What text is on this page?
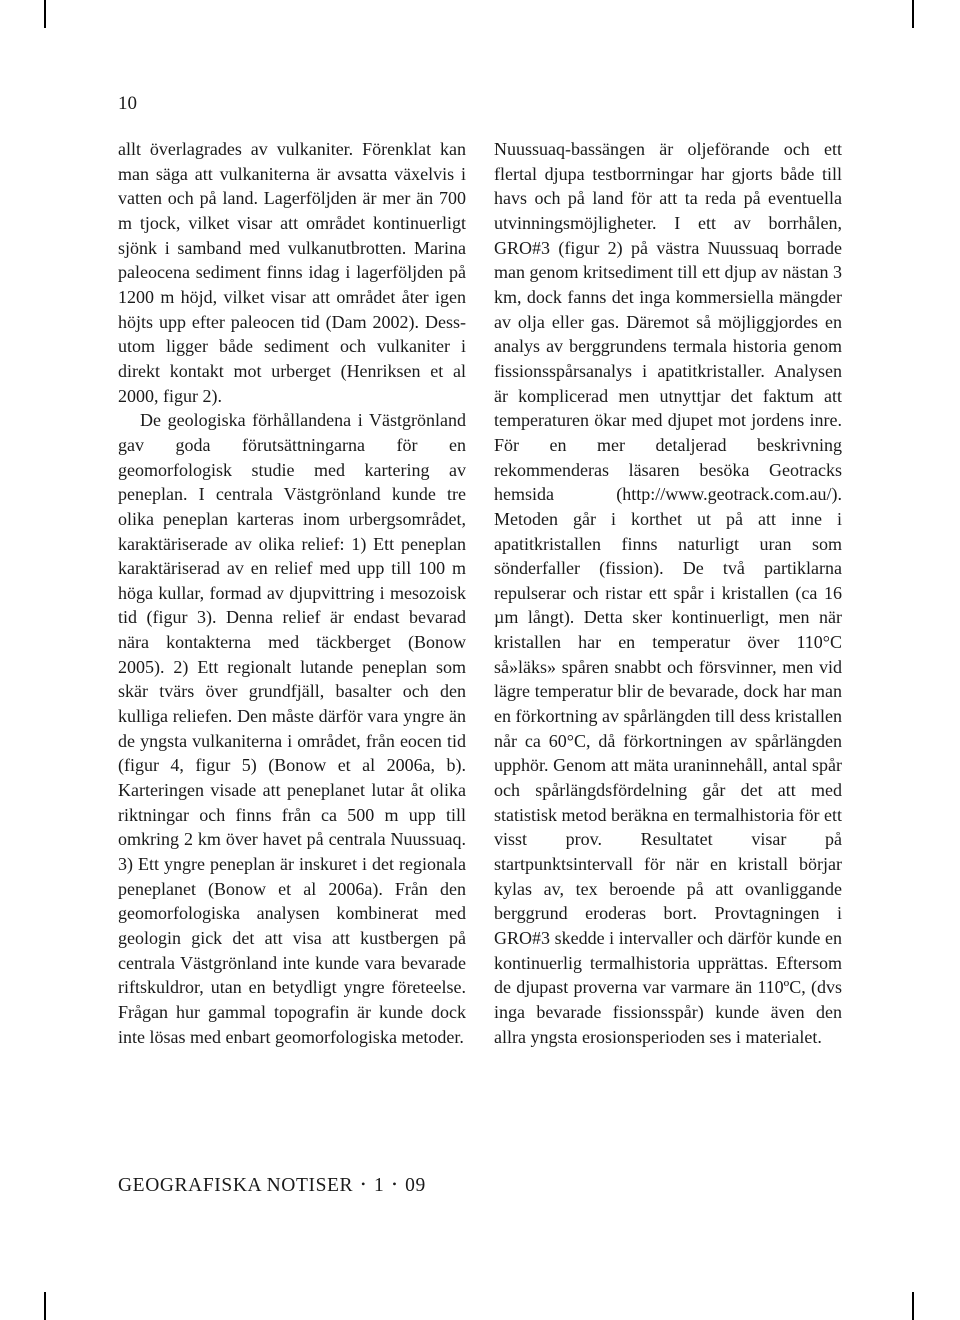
10

allt överlagrades av vulkaniter. Förenklat kan man säga att vulkaniterna är avsatta växelvis i vatten och på land. Lagerföljden är mer än 700 m tjock, vilket visar att området kontinuerligt sjönk i samband med vulkanutbrotten. Marina paleocena sediment finns idag i lagerföljden på 1200 m höjd, vilket visar att området åter igen höjts upp efter paleocen tid (Dam 2002). Dessutom ligger både sediment och vulkaniter i direkt kontakt mot urberget (Henriksen et al 2000, figur 2).

De geologiska förhållandena i Västgrönland gav goda förutsättningarna för en geomorfologisk studie med kartering av peneplan. I centrala Västgrönland kunde tre olika peneplan karteras inom urbergsområdet, karaktäriserade av olika relief: 1) Ett peneplan karaktäriserad av en relief med upp till 100 m höga kullar, formad av djupvittring i mesozoisk tid (figur 3). Denna relief är endast bevarad nära kontakterna med täckberget (Bonow 2005). 2) Ett regionalt lutande peneplan som skär tvärs över grundfjäll, basalter och den kulliga reliefen. Den måste därför vara yngre än de yngsta vulkaniterna i området, från eocen tid (figur 4, figur 5) (Bonow et al 2006a, b). Karteringen visade att peneplanet lutar åt olika riktningar och finns från ca 500 m upp till omkring 2 km över havet på centrala Nuussuaq. 3) Ett yngre peneplan är inskuret i det regionala peneplanet (Bonow et al 2006a). Från den geomorfologiska analysen kombinerat med geologin gick det att visa att kustbergen på centrala Västgrönland inte kunde vara bevarade riftskuldror, utan en betydligt yngre företeelse. Frågan hur gammal topografin är kunde dock inte lösas med enbart geomorfologiska metoder.

Nuussuaq-bassängen är oljeförande och ett flertal djupa testborrningar har gjorts både till havs och på land för att ta reda på eventuella utvinningsmöjligheter. I ett av borrhålen, GRO#3 (figur 2) på västra Nuussuaq borrade man genom kritsediment till ett djup av nästan 3 km, dock fanns det inga kommersiella mängder av olja eller gas. Däremot så möjliggjordes en analys av berggrundens termala historia genom fissionsspårsanalys i apatitkristaller. Analysen är komplicerad men utnyttjar det faktum att temperaturen ökar med djupet mot jordens inre. För en mer detaljerad beskrivning rekommenderas läsaren besöka Geotracks hemsida (http://www.geotrack.com.au/). Metoden går i korthet ut på att inne i apatitkristallen finns naturligt uran som sönderfaller (fission). De två partiklarna repulserar och ristar ett spår i kristallen (ca 16 µm långt). Detta sker kontinuerligt, men när kristallen har en temperatur över 110°C så»läks» spåren snabbt och försvinner, men vid lägre temperatur blir de bevarade, dock har man en förkortning av spårlängden till dess kristallen når ca 60°C, då förkortningen av spårlängden upphör. Genom att mäta uraninnehåll, antal spår och spårlängdsfördelning går det att med statistisk metod beräkna en termalhistoria för ett visst prov. Resultatet visar på startpunktsintervall för när en kristall börjar kylas av, tex beroende på att ovanliggande berggrund eroderas bort. Provtagningen i GRO#3 skedde i intervaller och därför kunde en kontinuerlig termalhistoria upprättas. Eftersom de djupast proverna var varmare än 110ºC, (dvs inga bevarade fissionsspår) kunde även den allra yngsta erosionsperioden ses i materialet.

GEOGRAFISKA NOTISER • 1 • 09
